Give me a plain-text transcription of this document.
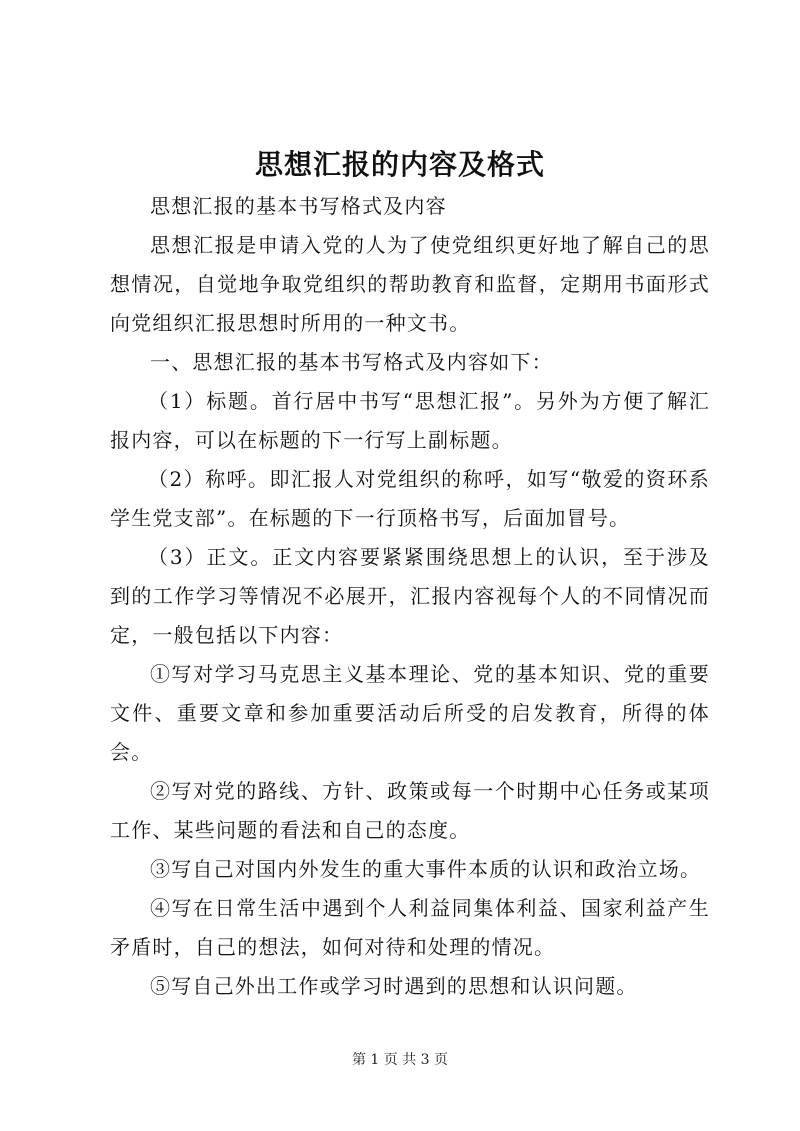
思想汇报的内容及格式

思想汇报的基本书写格式及内容

思想汇报是申请入党的人为了使党组织更好地了解自己的思想情况，自觉地争取党组织的帮助教育和监督，定期用书面形式向党组织汇报思想时所用的一种文书。

一、思想汇报的基本书写格式及内容如下：

（1）标题。首行居中书写“思想汇报”。另外为方便了解汇报内容，可以在标题的下一行写上副标题。

（2）称呼。即汇报人对党组织的称呼，如写“敬爱的资环系学生党支部”。在标题的下一行顶格书写，后面加冒号。

（3）正文。正文内容要紧紧围绕思想上的认识，至于涉及到的工作学习等情况不必展开，汇报内容视每个人的不同情况而定，一般包括以下内容：

①写对学习马克思主义基本理论、党的基本知识、党的重要文件、重要文章和参加重要活动后所受的启发教育，所得的体会。

②写对党的路线、方针、政策或每一个时期中心任务或某项工作、某些问题的看法和自己的态度。

③写自己对国内外发生的重大事件本质的认识和政治立场。

④写在日常生活中遇到个人利益同集体利益、国家利益产生矛盾时，自己的想法，如何对待和处理的情况。

⑤写自己外出工作或学习时遇到的思想和认识问题。

第 1 页 共 3 页
